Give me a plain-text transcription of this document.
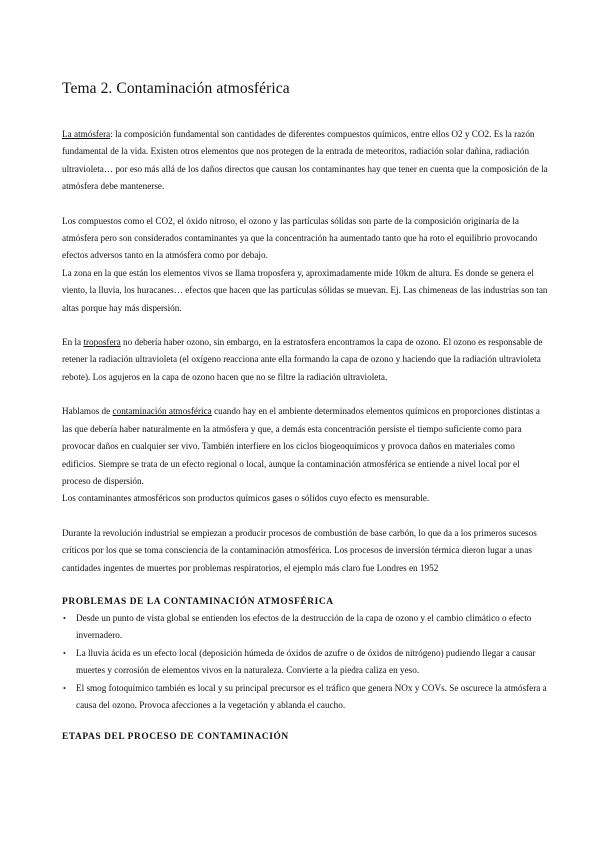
Tema 2. Contaminación atmosférica

La atmósfera: la composición fundamental son cantidades de diferentes compuestos químicos, entre ellos O2 y CO2. Es la razón fundamental de la vida. Existen otros elementos que nos protegen de la entrada de meteoritos, radiación solar dañina, radiación ultravioleta… por eso más allá de los daños directos que causan los contaminantes hay que tener en cuenta que la composición de la atmósfera debe mantenerse.

Los compuestos como el CO2, el óxido nitroso, el ozono y las partículas sólidas son parte de la composición originaria de la atmósfera pero son considerados contaminantes ya que la concentración ha aumentado tanto que ha roto el equilibrio provocando efectos adversos tanto en la atmósfera como por debajo.

La zona en la que están los elementos vivos se llama troposfera y, aproximadamente mide 10km de altura. Es donde se genera el viento, la lluvia, los huracanes… efectos que hacen que las partículas sólidas se muevan. Ej. Las chimeneas de las industrias son tan altas porque hay más dispersión.

En la troposfera no debería haber ozono, sin embargo, en la estratosfera encontramos la capa de ozono. El ozono es responsable de retener la radiación ultravioleta (el oxígeno reacciona ante ella formando la capa de ozono y haciendo que la radiación ultravioleta rebote). Los agujeros en la capa de ozono hacen que no se filtre la radiación ultravioleta.

Hablamos de contaminación atmosférica cuando hay en el ambiente determinados elementos químicos en proporciones distintas a las que debería haber naturalmente en la atmósfera y que, a demás esta concentración persiste el tiempo suficiente como para provocar daños en cualquier ser vivo. También interfiere en los ciclos biogeoquímicos y provoca daños en materiales como edificios. Siempre se trata de un efecto regional o local, aunque la contaminación atmosférica se entiende a nivel local por el proceso de dispersión.

Los contaminantes atmosféricos son productos químicos gases o sólidos cuyo efecto es mensurable.

Durante la revolución industrial se empiezan a producir procesos de combustión de base carbón, lo que da a los primeros sucesos críticos por los que se toma consciencia de la contaminación atmosférica. Los procesos de inversión térmica dieron lugar a unas cantidades ingentes de muertes por problemas respiratorios, el ejemplo más claro fue Londres en 1952

PROBLEMAS DE LA CONTAMINACIÓN ATMOSFÉRICA
• Desde un punto de vista global se entienden los efectos de la destrucción de la capa de ozono y el cambio climático o efecto invernadero.
• La lluvia ácida es un efecto local (deposición húmeda de óxidos de azufre o de óxidos de nitrógeno) pudiendo llegar a causar muertes y corrosión de elementos vivos en la naturaleza. Convierte a la piedra caliza en yeso.
• El smog fotoquímico también es local y su principal precursor es el tráfico que genera NOx y COVs. Se oscurece la atmósfera a causa del ozono. Provoca afecciones a la vegetación y ablanda el caucho.
ETAPAS DEL PROCESO DE CONTAMINACIÓN
